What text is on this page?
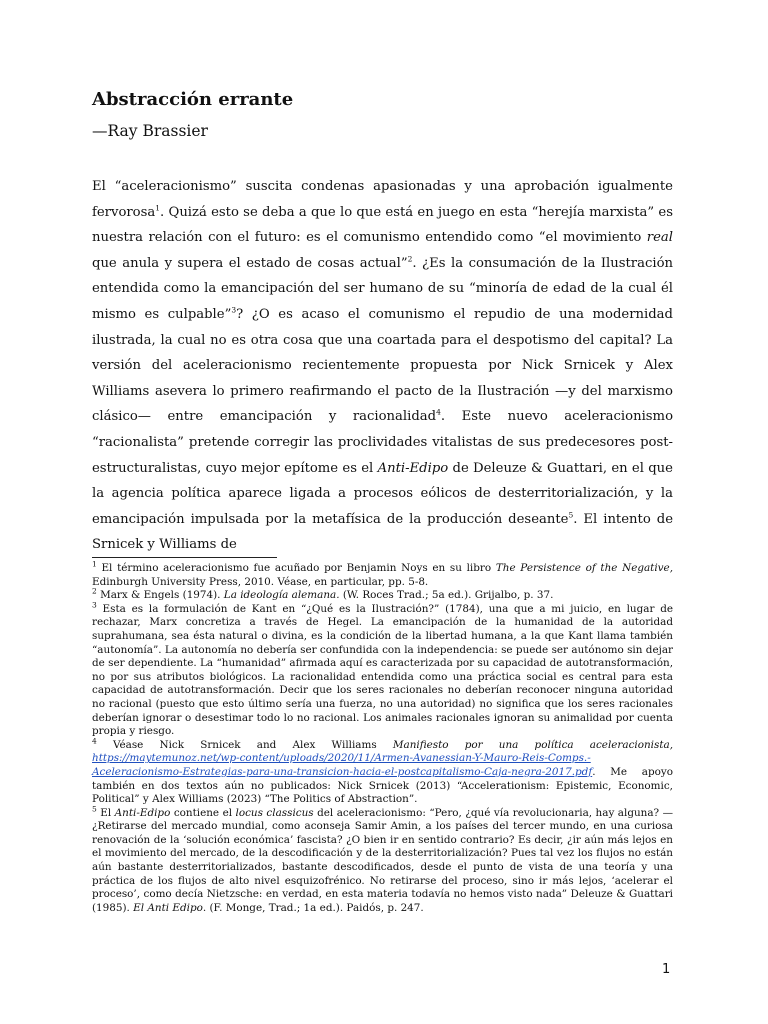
Abstracción errante

—Ray Brassier

El “aceleracionismo” suscita condenas apasionadas y una aprobación igualmente fervorosa$^1$. Quizá esto se deba a que lo que está en juego en esta “herejía marxista” es nuestra relación con el futuro: es el comunismo entendido como “el movimiento real que anula y supera el estado de cosas actual”$^2$. ¿Es la consumación de la Ilustración entendida como la emancipación del ser humano de su “minoría de edad de la cual él mismo es culpable”$^3$? ¿O es acaso el comunismo el repudio de una modernidad ilustrada, la cual no es otra cosa que una coartada para el despotismo del capital? La versión del aceleracionismo recientemente propuesta por Nick Srnicek y Alex Williams asevera lo primero reafirmando el pacto de la Ilustración —y del marxismo clásico— entre emancipación y racionalidad$^4$. Este nuevo aceleracionismo “racionalista” pretende corregir las proclividades vitalistas de sus predecesores post-estructuralistas, cuyo mejor epítome es el Anti-Edipo de Deleuze & Guattari, en el que la agencia política aparece ligada a procesos eólicos de desterritorialización, y la emancipación impulsada por la metafísica de la producción deseante$^5$. El intento de Srnicek y Williams de

$^1$ El término aceleracionismo fue acuñado por Benjamin Noys en su libro The Persistence of the Negative, Edinburgh University Press, 2010. Véase, en particular, pp. 5-8.

$^2$ Marx & Engels (1974). La ideología alemana. (W. Roces Trad.; 5a ed.). Grijalbo, p. 37.

$^3$ Esta es la formulación de Kant en “¿Qué es la Ilustración?” (1784), una que a mi juicio, en lugar de rechazar, Marx concretiza a través de Hegel. La emancipación de la humanidad de la autoridad suprahumana, sea ésta natural o divina, es la condición de la libertad humana, a la que Kant llama también “autonomía”. La autonomía no debería ser confundida con la independencia: se puede ser autónomo sin dejar de ser dependiente. La “humanidad” afirmada aquí es caracterizada por su capacidad de autotransformación, no por sus atributos biológicos. La racionalidad entendida como una práctica social es central para esta capacidad de autotransformación. Decir que los seres racionales no deberían reconocer ninguna autoridad no racional (puesto que esto último sería una fuerza, no una autoridad) no significa que los seres racionales deberían ignorar o desestimar todo lo no racional. Los animales racionales ignoran su animalidad por cuenta propia y riesgo.

$^4$ Véase Nick Srnicek and Alex Williams Manifiesto por una política aceleracionista, https://maytemunoz.net/wp-content/uploads/2020/11/Armen-Avanessian-Y-Mauro-Reis-Comps.-Aceleracionismo-Estrategias-para-una-transicion-hacia-el-postcapitalismo-Caja-negra-2017.pdf. Me apoyo también en dos textos aún no publicados: Nick Srnicek (2013) “Accelerationism: Epistemic, Economic, Political” y Alex Williams (2023) “The Politics of Abstraction”.

$^5$ El Anti-Edipo contiene el locus classicus del aceleracionismo: “Pero, ¿qué vía revolucionaria, hay alguna? — ¿Retirarse del mercado mundial, como aconseja Samir Amin, a los países del tercer mundo, en una curiosa renovación de la ‘solución económica’ fascista? ¿O bien ir en sentido contrario? Es decir, ¿ir aún más lejos en el movimiento del mercado, de la descodificación y de la desterritorialización? Pues tal vez los flujos no están aún bastante desterritorializados, bastante descodificados, desde el punto de vista de una teoría y una práctica de los flujos de alto nivel esquizofrénico. No retirarse del proceso, sino ir más lejos, ‘acelerar el proceso’, como decía Nietzsche: en verdad, en esta materia todavía no hemos visto nada” Deleuze & Guattari (1985). El Anti Edipo. (F. Monge, Trad.; 1a ed.). Paidós, p. 247.

1
